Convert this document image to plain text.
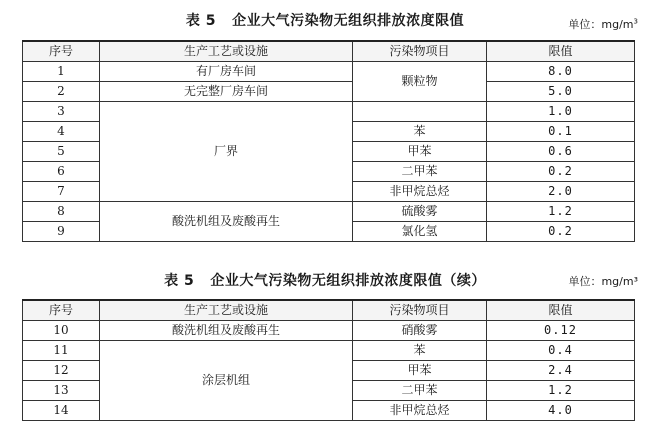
表 5   企业大气污染物无组织排放浓度限值	单位：$mg/m^3$
序号	生产工艺或设施	污染物项目	限值
1	有厂房车间	颗粒物	8.0
2	无完整厂房车间		5.0
3	厂界		1.0
4		苯	0.1
5		甲苯	0.6
6		二甲苯	0.2
7		非甲烷总烃	2.0
8	酸洗机组及废酸再生	硫酸雾	1.2
9		氯化氢	0.2
表 5   企业大气污染物无组织排放浓度限值（续）	单位：mg/m³
序号	生产工艺或设施	污染物项目	限值
10	酸洗机组及废酸再生	硝酸雾	0.12
11	涂层机组	苯	0.4
12		甲苯	2.4
13		二甲苯	1.2
14		非甲烷总烃	4.0
